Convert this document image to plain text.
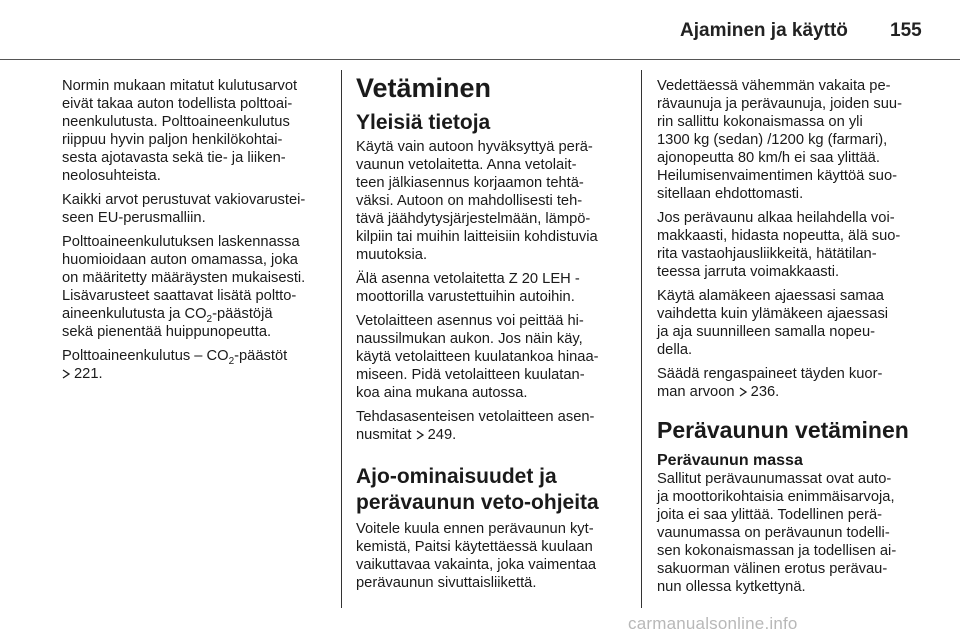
Ajaminen ja käyttö 155

Normin mukaan mitatut kulutusarvot
eivät takaa auton todellista polttoai-
neenkulutusta. Polttoaineenkulutus
riippuu hyvin paljon henkilökohtai-
sesta ajotavasta sekä tie- ja liiken-
neolosuhteista.

Kaikki arvot perustuvat vakiovarustei-
seen EU-perusmalliin.

Polttoaineenkulutuksen laskennassa
huomioidaan auton omamassa, joka
on määritetty määräysten mukaisesti.
Lisävarusteet saattavat lisätä poltto-
aineenkulutusta ja $CO_2$-päästöjä
sekä pienentää huippunopeutta.

Polttoaineenkulutus – $CO_2$-päästöt
221.

Vetäminen
Yleisiä tietoja

Käytä vain autoon hyväksyttyä perä-
vaunun vetolaitetta. Anna vetolait-
teen jälkiasennus korjaamon tehtä-
väksi. Autoon on mahdollisesti teh-
tävä jäähdytysjärjestelmään, lämpö-
kilpiin tai muihin laitteisiin kohdistuvia
muutoksia.

Älä asenna vetolaitetta Z 20 LEH -
moottorilla varustettuihin autoihin.

Vetolaitteen asennus voi peittää hi-
naussilmukan aukon. Jos näin käy,
käytä vetolaitteen kuulatankoa hinaa-
miseen. Pidä vetolaitteen kuulatan-
koa aina mukana autossa.

Tehdasasenteisen vetolaitteen asen-
nusmitat 249.

Ajo-ominaisuudet ja
perävaunun veto-ohjeita

Voitele kuula ennen perävaunun kyt-
kemistä, Paitsi käytettäessä kuulaan
vaikuttavaa vakainta, joka vaimentaa
perävaunun sivuttaisliikettä.

Vedettäessä vähemmän vakaita pe-
rävaunuja ja perävaunuja, joiden suu-
rin sallittu kokonaismassa on yli
1300 kg (sedan) /1200 kg (farmari),
ajonopeutta 80 km/h ei saa ylittää.
Heilumisenvaimentimen käyttöä suo-
sitellaan ehdottomasti.

Jos perävaunu alkaa heilahdella voi-
makkaasti, hidasta nopeutta, älä suo-
rita vastaohjausliikkeitä, hätätilan-
teessa jarruta voimakkaasti.

Käytä alamäkeen ajaessasi samaa
vaihdetta kuin ylämäkeen ajaessasi
ja aja suunnilleen samalla nopeu-
della.

Säädä rengaspaineet täyden kuor-
man arvoon 236.

Perävaunun vetäminen
Perävaunun massa

Sallitut perävaunumassat ovat auto-
ja moottorikohtaisia enimmäisarvoja,
joita ei saa ylittää. Todellinen perä-
vaunumassa on perävaunun todelli-
sen kokonaismassan ja todellisen ai-
sakuorman välinen erotus perävau-
nun ollessa kytkettynä.

carmanualsonline.info
